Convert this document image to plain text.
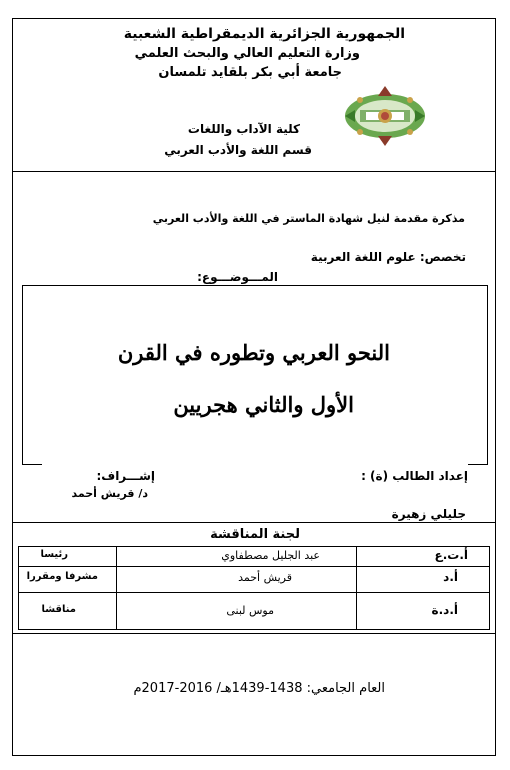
الجمهورية الجزائرية الديمقراطية الشعبية
وزارة التعليم العالي والبحث العلمي
جامعة أبي بكر بلقايد تلمسان
كلية الآداب واللغات
قسم اللغة والأدب العربي
مذكرة مقدمة لنيل شهادة الماستر في اللغة والأدب العربي
تخصص: علوم اللغة العربية
المـــوضـــوع:
النحو العربي وتطوره في القرن
الأول والثاني هجريين
إعداد الطالب (ة) :
إشـــراف:
د/ قريش أحمد
جليلي زهيرة
لجنة المناقشة
أ.ت.ع
عبد الجليل مصطفاوي
رئيسا
أ.د
قريش أحمد
مشرفا ومقررا
أ.د.ة
موس لبنى
مناقشا
العام الجامعي: 1438-1439هـ/ 2016-2017م
